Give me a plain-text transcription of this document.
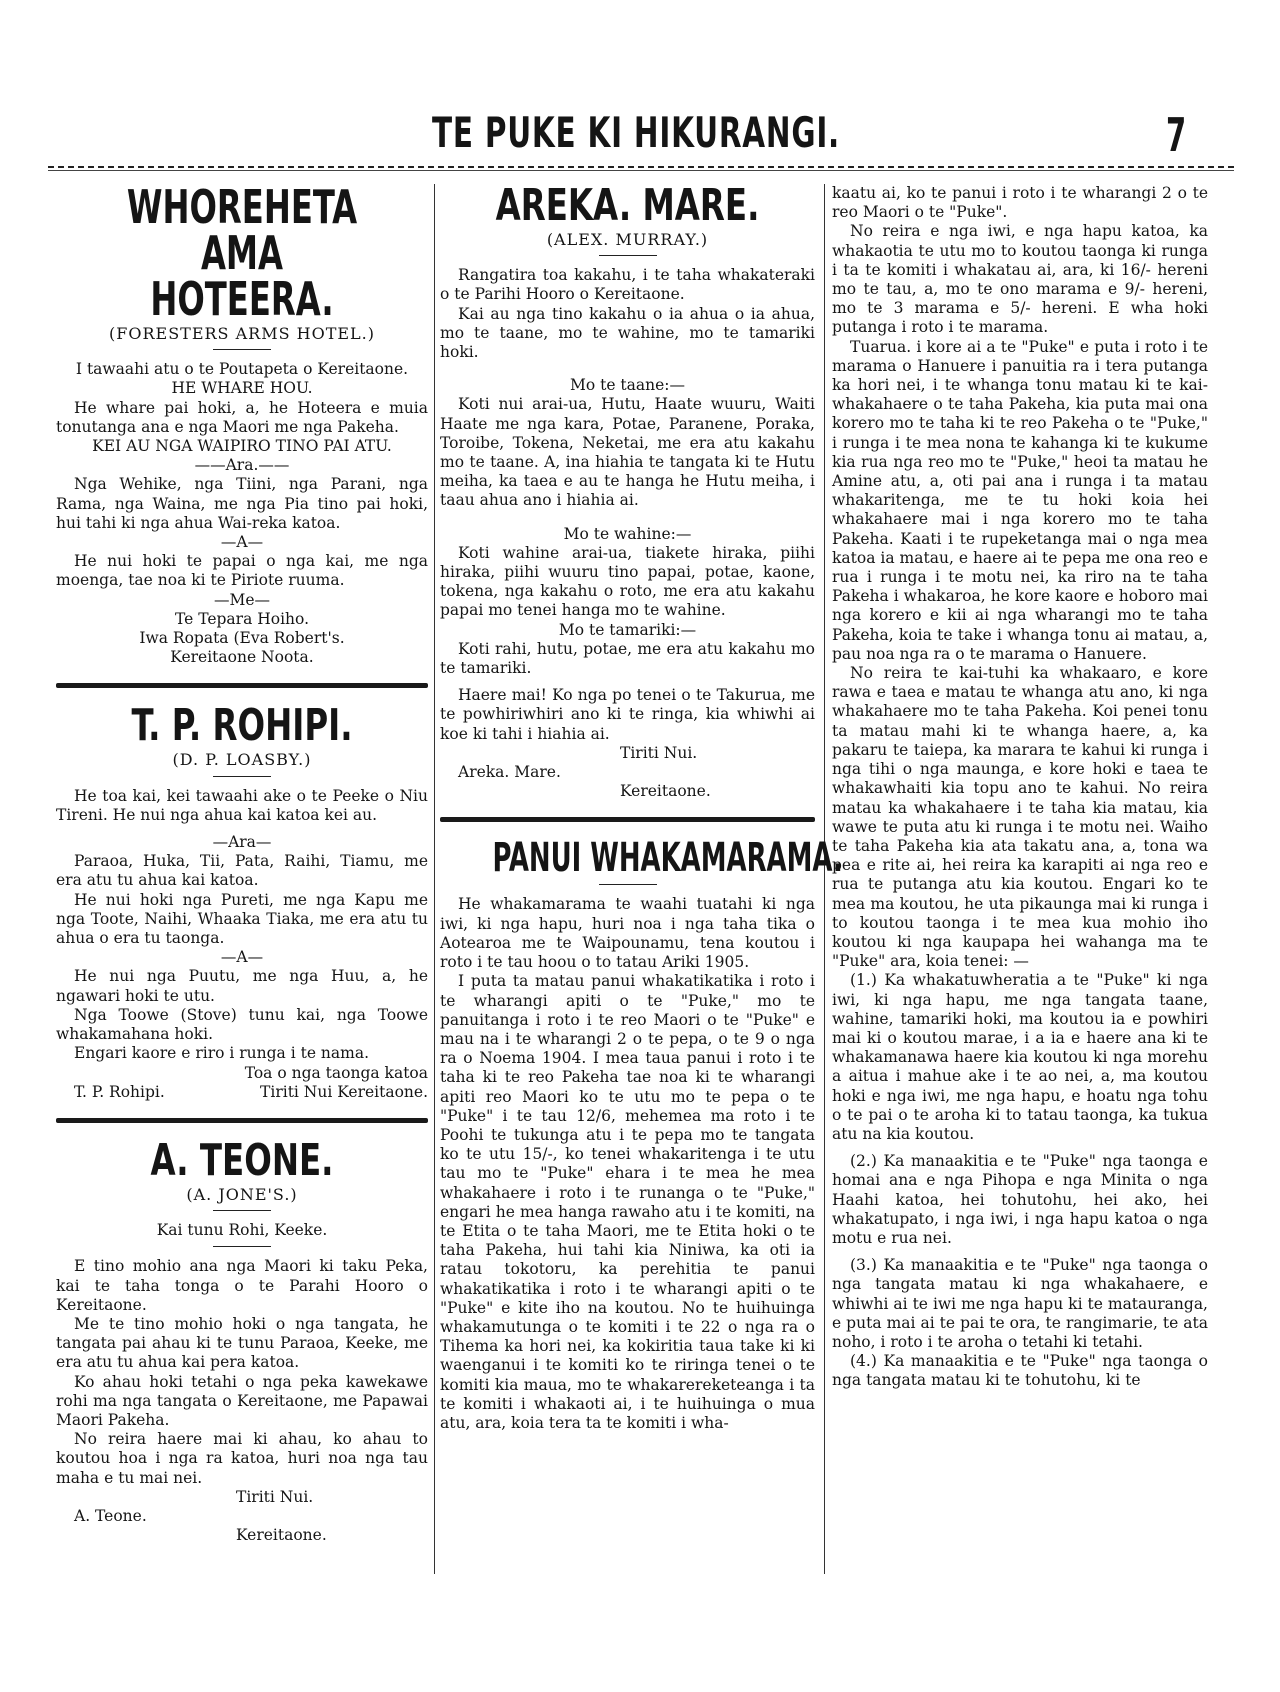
TE PUKE KI HIKURANGI.	7
WHOREHETA AMA
HOTEERA.
(FORESTERS ARMS HOTEL.)

I tawaahi atu o te Poutapeta o Kereitaone.

HE WHARE HOU.

He whare pai hoki, a, he Hoteera e muia tonutanga ana e nga Maori me nga Pakeha.

KEI AU NGA WAIPIRO TINO PAI ATU.

——Ara.——

Nga Wehike, nga Tiini, nga Parani, nga Rama, nga Waina, me nga Pia tino pai hoki, hui tahi ki nga ahua Wai-reka katoa.

—A—

He nui hoki te papai o nga kai, me nga moenga, tae noa ki te Piriote ruuma.

—Me—

Te Tepara Hoiho.

Iwa Ropata (Eva Robert's.

Kereitaone Noota.

T. P. ROHIPI.
(D. P. LOASBY.)

He toa kai, kei tawaahi ake o te Peeke o Niu Tireni. He nui nga ahua kai katoa kei au.

—Ara—

Paraoa, Huka, Tii, Pata, Raihi, Tiamu, me era atu tu ahua kai katoa.

He nui hoki nga Pureti, me nga Kapu me nga Toote, Naihi, Whaaka Tiaka, me era atu tu ahua o era tu taonga.

—A—

He nui nga Puutu, me nga Huu, a, he ngawari hoki te utu.

Nga Toowe (Stove) tunu kai, nga Toowe whakamahana hoki.

Engari kaore e riro i runga i te nama.

Toa o nga taonga katoa

T. P. Rohipi.	Tiriti Nui Kereitaone.
A. TEONE.
(A. JONE'S.)

Kai tunu Rohi, Keeke.

E tino mohio ana nga Maori ki taku Peka, kai te taha tonga o te Parahi Hooro o Kereitaone.

Me te tino mohio hoki o nga tangata, he tangata pai ahau ki te tunu Paraoa, Keeke, me era atu tu ahua kai pera katoa.

Ko ahau hoki tetahi o nga peka kawekawe rohi ma nga tangata o Kereitaone, me Papawai Maori Pakeha.

No reira haere mai ki ahau, ko ahau to koutou hoa i nga ra katoa, huri noa nga tau maha e tu mai nei.

Tiriti Nui.

A. Teone.

Kereitaone.

AREKA. MARE.
(ALEX. MURRAY.)

Rangatira toa kakahu, i te taha whakateraki o te Parihi Hooro o Kereitaone.

Kai au nga tino kakahu o ia ahua o ia ahua, mo te taane, mo te wahine, mo te tamariki hoki.

Mo te taane:—

Koti nui arai-ua, Hutu, Haate wuuru, Waiti Haate me nga kara, Potae, Paranene, Poraka, Toroibe, Tokena, Neketai, me era atu kakahu mo te taane. A, ina hiahia te tangata ki te Hutu meiha, ka taea e au te hanga he Hutu meiha, i taau ahua ano i hiahia ai.

Mo te wahine:—

Koti wahine arai-ua, tiakete hiraka, piihi hiraka, piihi wuuru tino papai, potae, kaone, tokena, nga kakahu o roto, me era atu kakahu papai mo tenei hanga mo te wahine.

Mo te tamariki:—

Koti rahi, hutu, potae, me era atu kakahu mo te tamariki.

Haere mai! Ko nga po tenei o te Takurua, me te powhiriwhiri ano ki te ringa, kia whiwhi ai koe ki tahi i hiahia ai.

Tiriti Nui.

Areka. Mare.

Kereitaone.

PANUI WHAKAMARAMA.

He whakamarama te waahi tuatahi ki nga iwi, ki nga hapu, huri noa i nga taha tika o Aotearoa me te Waipounamu, tena koutou i roto i te tau hoou o to tatau Ariki 1905.

I puta ta matau panui whakatikatika i roto i te wharangi apiti o te "Puke," mo te panuitanga i roto i te reo Maori o te "Puke" e mau na i te wharangi 2 o te pepa, o te 9 o nga ra o Noema 1904. I mea taua panui i roto i te taha ki te reo Pakeha tae noa ki te wharangi apiti reo Maori ko te utu mo te pepa o te "Puke" i te tau 12/6, mehemea ma roto i te Poohi te tukunga atu i te pepa mo te tangata ko te utu 15/-, ko tenei whakaritenga i te utu tau mo te "Puke" ehara i te mea he mea whakahaere i roto i te runanga o te "Puke," engari he mea hanga rawaho atu i te komiti, na te Etita o te taha Maori, me te Etita hoki o te taha Pakeha, hui tahi kia Niniwa, ka oti ia ratau tokotoru, ka perehitia te panui whakatikatika i roto i te wharangi apiti o te "Puke" e kite iho na koutou. No te huihuinga whakamutunga o te komiti i te 22 o nga ra o Tihema ka hori nei, ka kokiritia taua take ki ki waenganui i te komiti ko te riringa tenei o te komiti kia maua, mo te whakarereketeanga i ta te komiti i whakaoti ai, i te huihuinga o mua atu, ara, koia tera ta te komiti i wha-

kaatu ai, ko te panui i roto i te wharangi 2 o te reo Maori o te "Puke".

No reira e nga iwi, e nga hapu katoa, ka whakaotia te utu mo to koutou taonga ki runga i ta te komiti i whakatau ai, ara, ki 16/- hereni mo te tau, a, mo te ono marama e 9/- hereni, mo te 3 marama e 5/- hereni. E wha hoki putanga i roto i te marama.

Tuarua. i kore ai a te "Puke" e puta i roto i te marama o Hanuere i panuitia ra i tera putanga ka hori nei, i te whanga tonu matau ki te kai-whakahaere o te taha Pakeha, kia puta mai ona korero mo te taha ki te reo Pakeha o te "Puke," i runga i te mea nona te kahanga ki te kukume kia rua nga reo mo te "Puke," heoi ta matau he Amine atu, a, oti pai ana i runga i ta matau whakaritenga, me te tu hoki koia hei whakahaere mai i nga korero mo te taha Pakeha. Kaati i te rupeketanga mai o nga mea katoa ia matau, e haere ai te pepa me ona reo e rua i runga i te motu nei, ka riro na te taha Pakeha i whakaroa, he kore kaore e hoboro mai nga korero e kii ai nga wharangi mo te taha Pakeha, koia te take i whanga tonu ai matau, a, pau noa nga ra o te marama o Hanuere.

No reira te kai-tuhi ka whakaaro, e kore rawa e taea e matau te whanga atu ano, ki nga whakahaere mo te taha Pakeha. Koi penei tonu ta matau mahi ki te whanga haere, a, ka pakaru te taiepa, ka marara te kahui ki runga i nga tihi o nga maunga, e kore hoki e taea te whakawhaiti kia topu ano te kahui. No reira matau ka whakahaere i te taha kia matau, kia wawe te puta atu ki runga i te motu nei. Waiho te taha Pakeha kia ata takatu ana, a, tona wa pea e rite ai, hei reira ka karapiti ai nga reo e rua te putanga atu kia koutou. Engari ko te mea ma koutou, he uta pikaunga mai ki runga i to koutou taonga i te mea kua mohio iho koutou ki nga kaupapa hei wahanga ma te "Puke" ara, koia tenei: —

(1.) Ka whakatuwheratia a te "Puke" ki nga iwi, ki nga hapu, me nga tangata taane, wahine, tamariki hoki, ma koutou ia e powhiri mai ki o koutou marae, i a ia e haere ana ki te whakamanawa haere kia koutou ki nga morehu a aitua i mahue ake i te ao nei, a, ma koutou hoki e nga iwi, me nga hapu, e hoatu nga tohu o te pai o te aroha ki to tatau taonga, ka tukua atu na kia koutou.

(2.) Ka manaakitia e te "Puke" nga taonga e homai ana e nga Pihopa e nga Minita o nga Haahi katoa, hei tohutohu, hei ako, hei whakatupato, i nga iwi, i nga hapu katoa o nga motu e rua nei.

(3.) Ka manaakitia e te "Puke" nga taonga o nga tangata matau ki nga whakahaere, e whiwhi ai te iwi me nga hapu ki te matauranga, e puta mai ai te pai te ora, te rangimarie, te ata noho, i roto i te aroha o tetahi ki tetahi.

(4.) Ka manaakitia e te "Puke" nga taonga o nga tangata matau ki te tohutohu, ki te
